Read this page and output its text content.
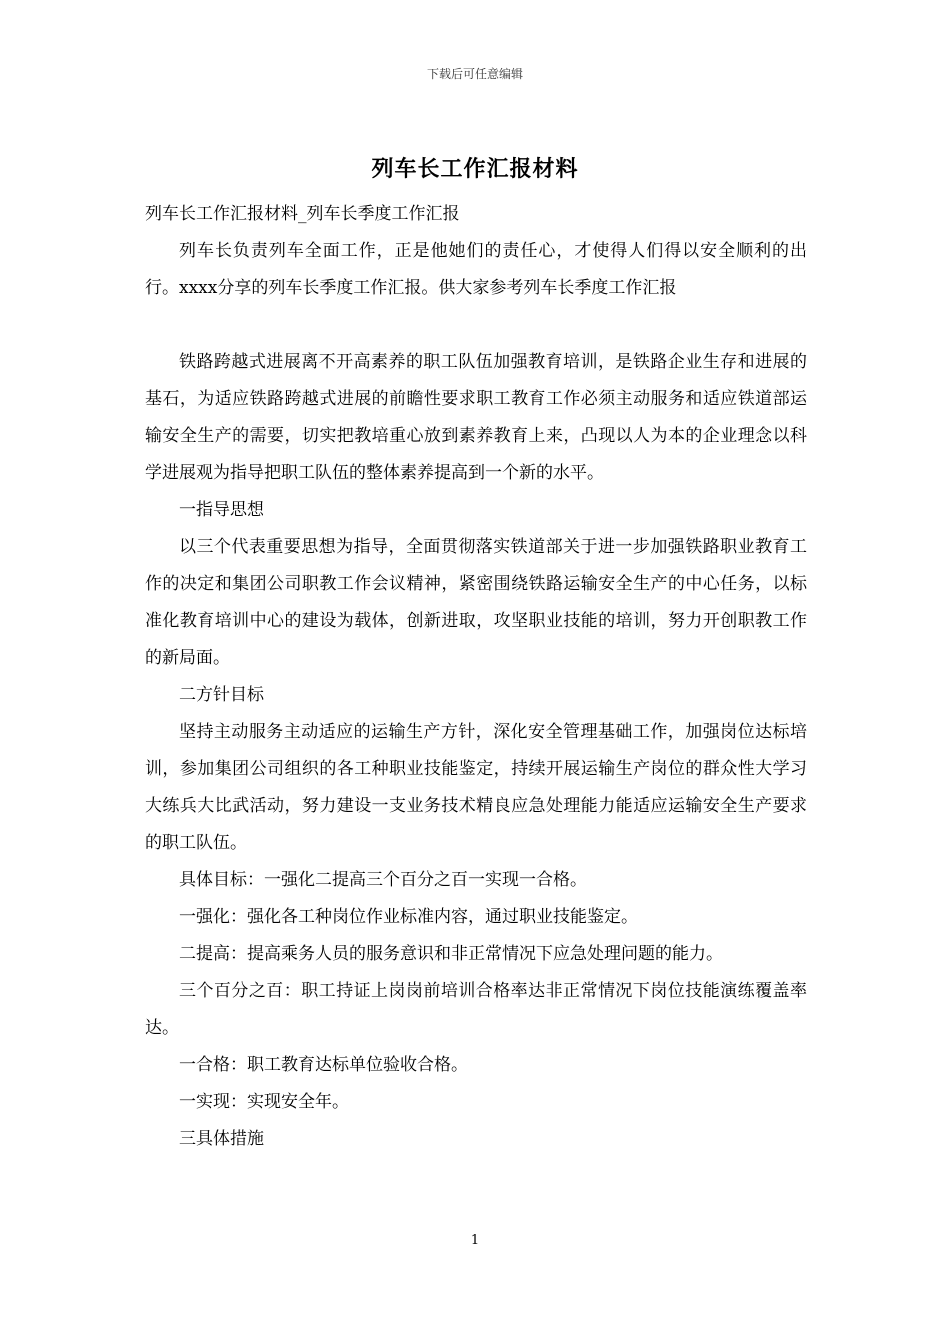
下载后可任意编辑
列车长工作汇报材料

列车长工作汇报材料_列车长季度工作汇报

列车长负责列车全面工作，正是他她们的责任心，才使得人们得以安全顺利的出行。xxxx分享的列车长季度工作汇报。供大家参考列车长季度工作汇报

铁路跨越式进展离不开高素养的职工队伍加强教育培训，是铁路企业生存和进展的基石，为适应铁路跨越式进展的前瞻性要求职工教育工作必须主动服务和适应铁道部运输安全生产的需要，切实把教培重心放到素养教育上来，凸现以人为本的企业理念以科学进展观为指导把职工队伍的整体素养提高到一个新的水平。

一指导思想

以三个代表重要思想为指导，全面贯彻落实铁道部关于进一步加强铁路职业教育工作的决定和集团公司职教工作会议精神，紧密围绕铁路运输安全生产的中心任务，以标准化教育培训中心的建设为载体，创新进取，攻坚职业技能的培训，努力开创职教工作的新局面。

二方针目标

坚持主动服务主动适应的运输生产方针，深化安全管理基础工作，加强岗位达标培训，参加集团公司组织的各工种职业技能鉴定，持续开展运输生产岗位的群众性大学习大练兵大比武活动，努力建设一支业务技术精良应急处理能力能适应运输安全生产要求的职工队伍。

具体目标：一强化二提高三个百分之百一实现一合格。

一强化：强化各工种岗位作业标准内容，通过职业技能鉴定。

二提高：提高乘务人员的服务意识和非正常情况下应急处理问题的能力。

三个百分之百：职工持证上岗岗前培训合格率达非正常情况下岗位技能演练覆盖率达。

一合格：职工教育达标单位验收合格。

一实现：实现安全年。

三具体措施

1
